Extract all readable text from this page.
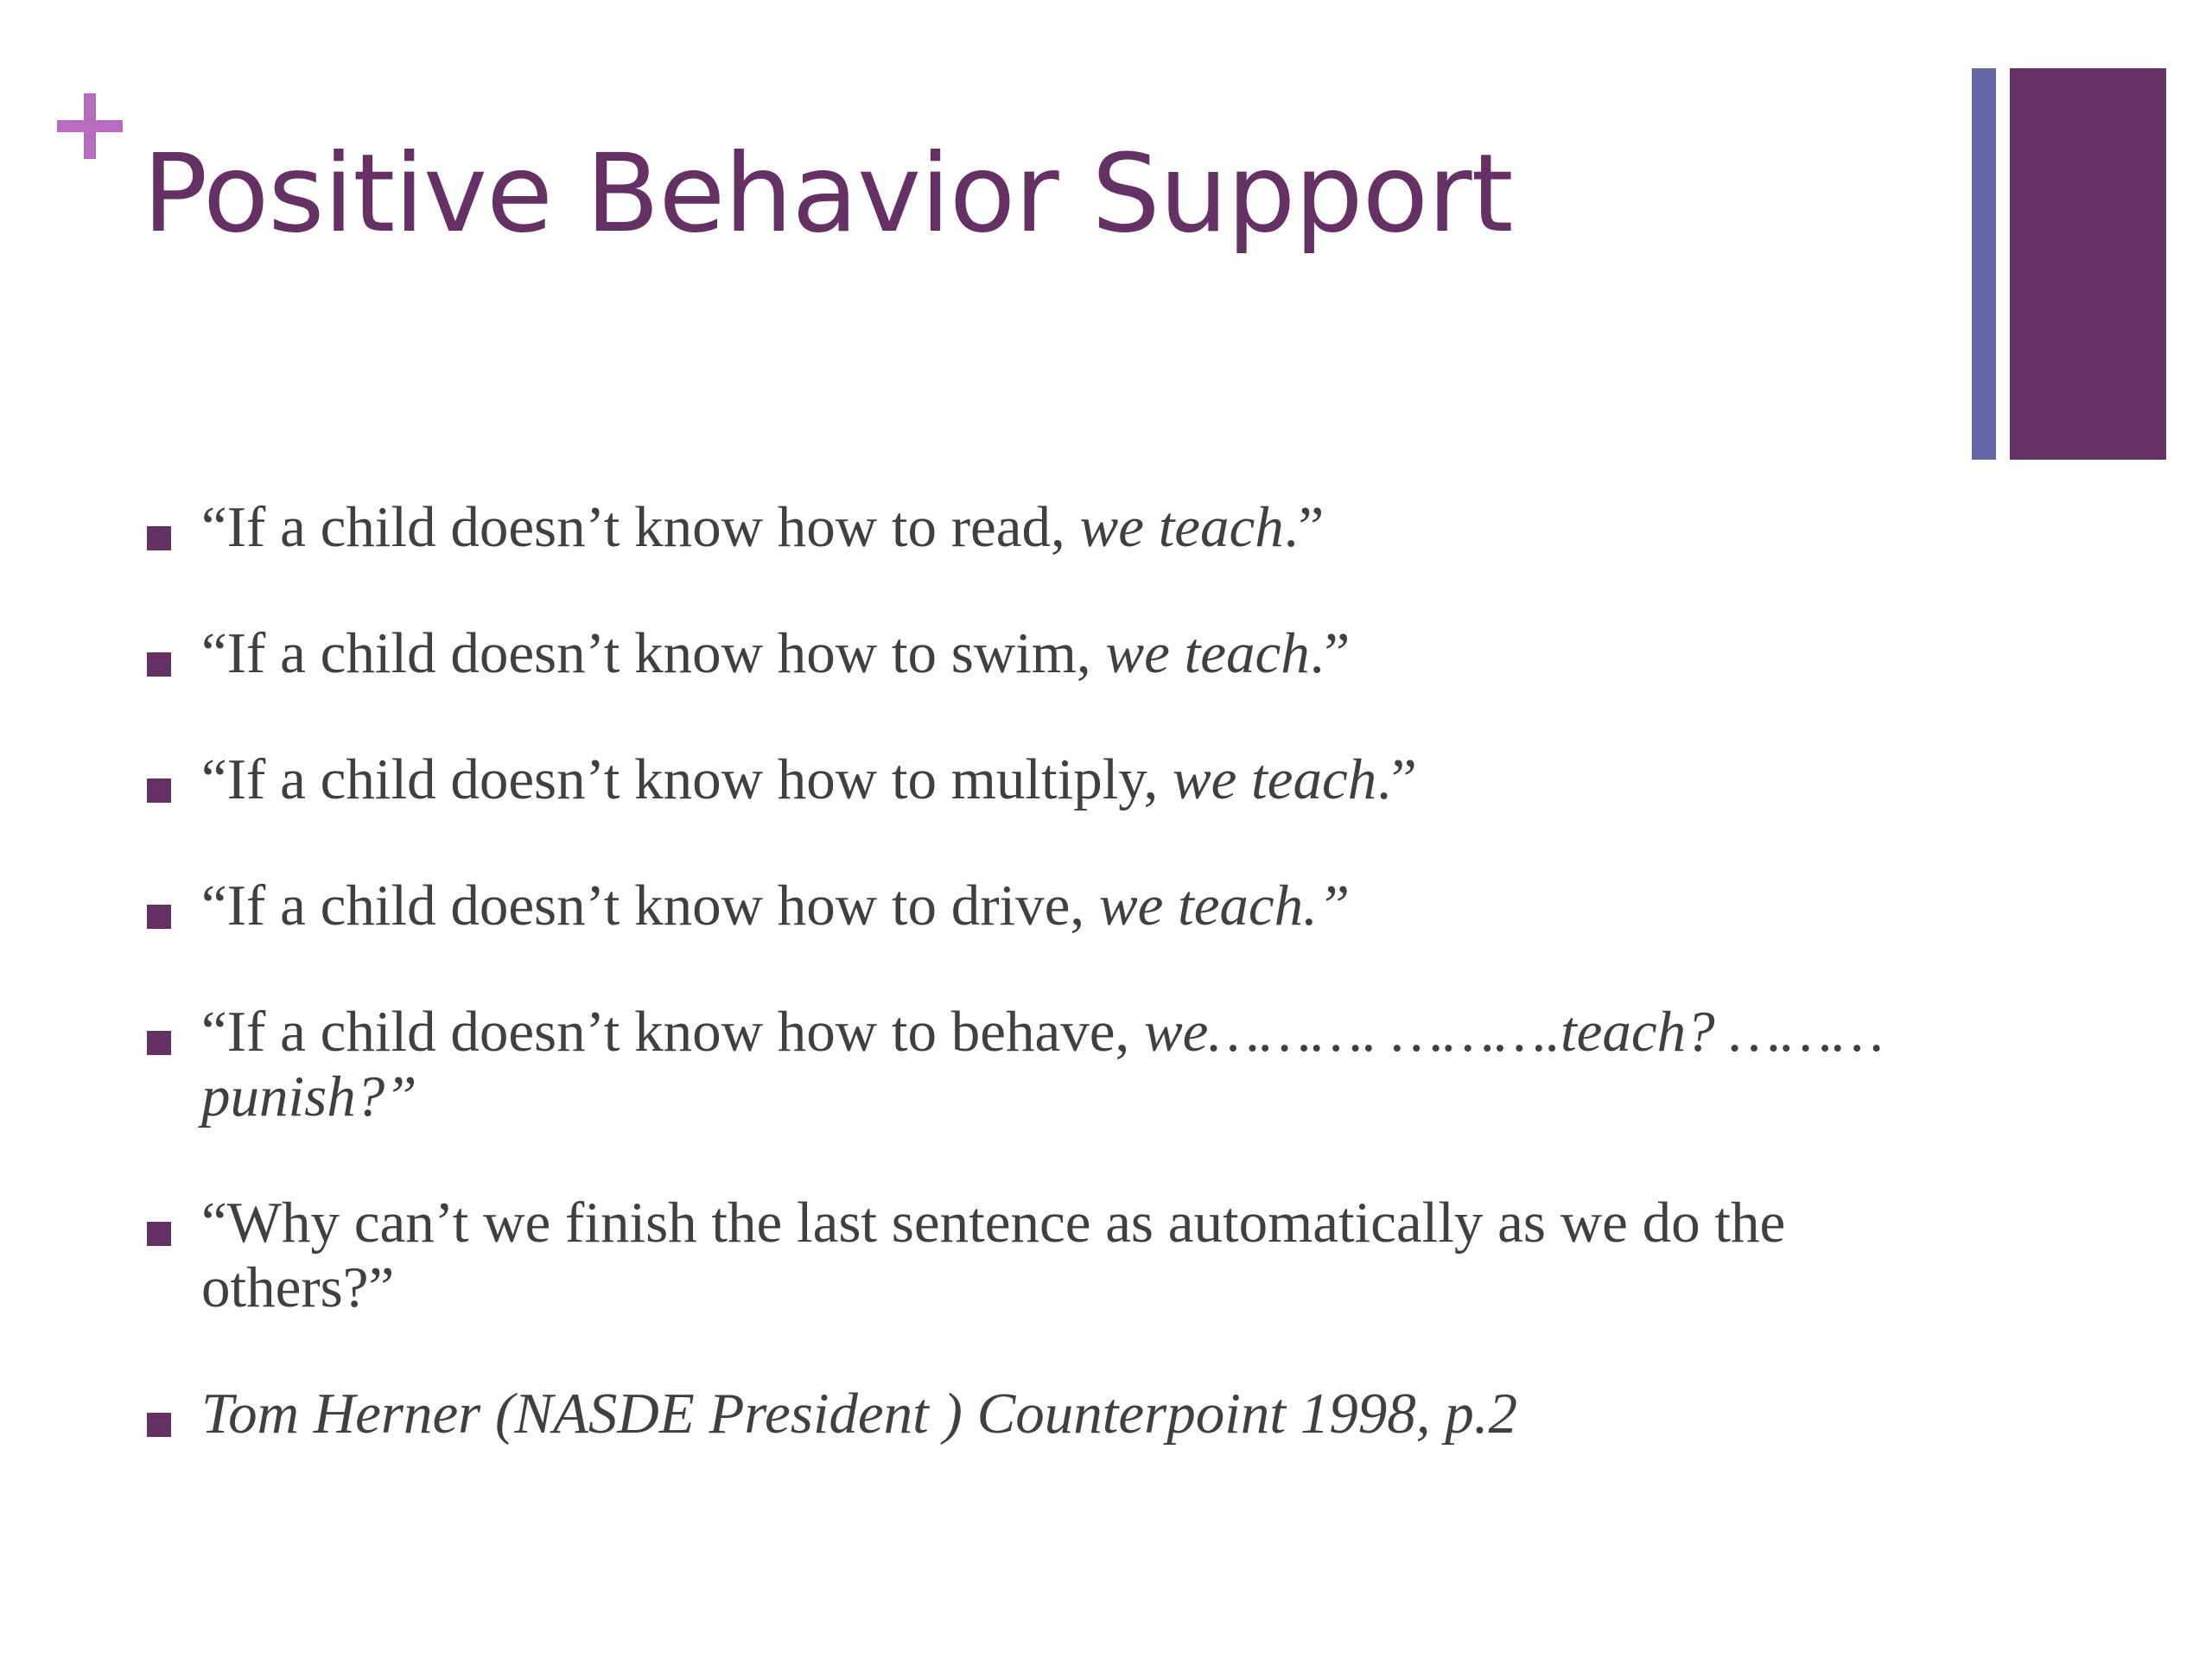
Positive Behavior Support
“If a child doesn’t know how to read, we teach.”
“If a child doesn’t know how to swim, we teach.”
“If a child doesn’t know how to multiply, we teach.”
“If a child doesn’t know how to drive, we teach.”
“If a child doesn’t know how to behave, we………. ……….teach? ………punish?”
“Why can’t we finish the last sentence as automatically as we do the others?”
Tom Herner (NASDE President ) Counterpoint 1998, p.2
